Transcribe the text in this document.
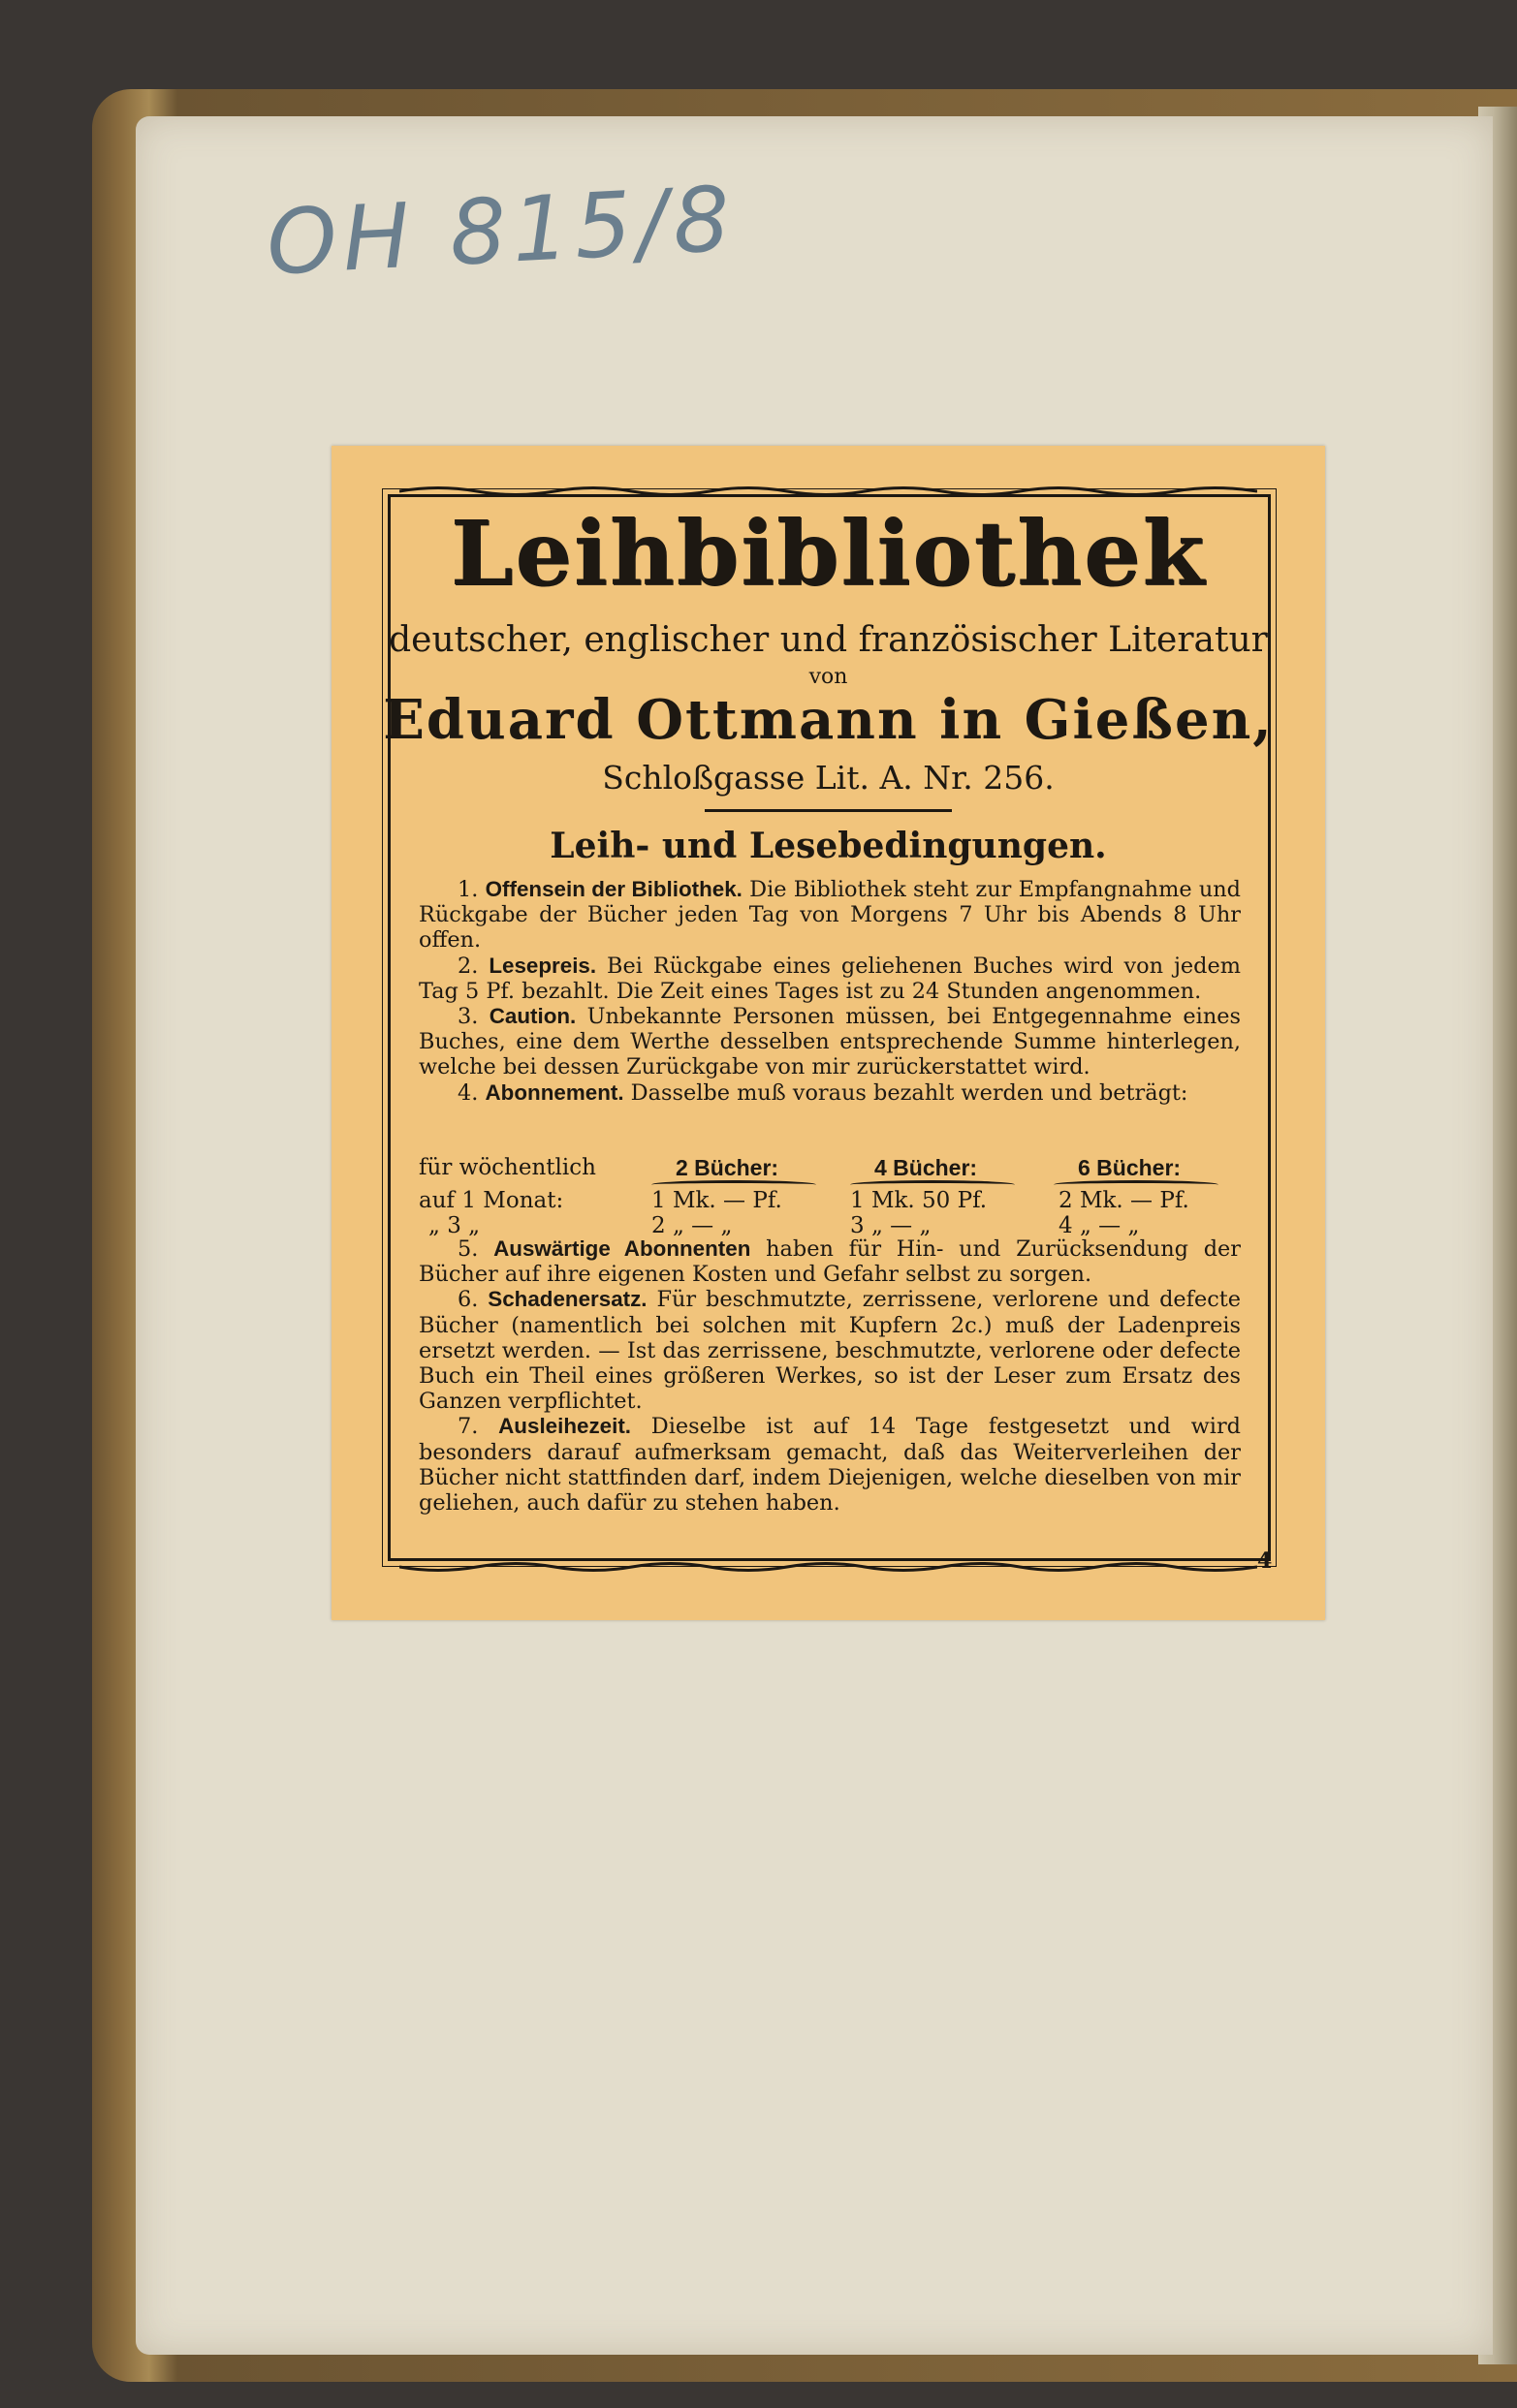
OH 815/8
Leihbibliothek
deutscher, englischer und französischer Literatur
von
Eduard Ottmann in Gießen,
Schloßgasse Lit. A. Nr. 256.
Leih- und Lesebedingungen.

1. Offensein der Bibliothek. Die Bibliothek steht zur Empfangnahme und Rückgabe der Bücher jeden Tag von Morgens 7 Uhr bis Abends 8 Uhr offen.

2. Lesepreis. Bei Rückgabe eines geliehenen Buches wird von jedem Tag 5 Pf. bezahlt. Die Zeit eines Tages ist zu 24 Stunden angenommen.

3. Caution. Unbekannte Personen müssen, bei Entgegennahme eines Buches, eine dem Werthe desselben entsprechende Summe hinterlegen, welche bei dessen Zurückgabe von mir zurückerstattet wird.

4. Abonnement. Dasselbe muß voraus bezahlt werden und beträgt:

für wöchentlich	2 Bücher:	4 Bücher:	6 Bücher:
auf 1 Monat:	1 Mk. — Pf.	1 Mk. 50 Pf.	2 Mk. — Pf.
„ 3 „	2 „ — „	3 „ — „	4 „ — „

5. Auswärtige Abonnenten haben für Hin- und Zurücksendung der Bücher auf ihre eigenen Kosten und Gefahr selbst zu sorgen.

6. Schadenersatz. Für beschmutzte, zerrissene, verlorene und defecte Bücher (namentlich bei solchen mit Kupfern 2c.) muß der Ladenpreis ersetzt werden. — Ist das zerrissene, beschmutzte, verlorene oder defecte Buch ein Theil eines größeren Werkes, so ist der Leser zum Ersatz des Ganzen verpflichtet.

7. Ausleihezeit. Dieselbe ist auf 14 Tage festgesetzt und wird besonders darauf aufmerksam gemacht, daß das Weiterverleihen der Bücher nicht stattfinden darf, indem Diejenigen, welche dieselben von mir geliehen, auch dafür zu stehen haben.

4
